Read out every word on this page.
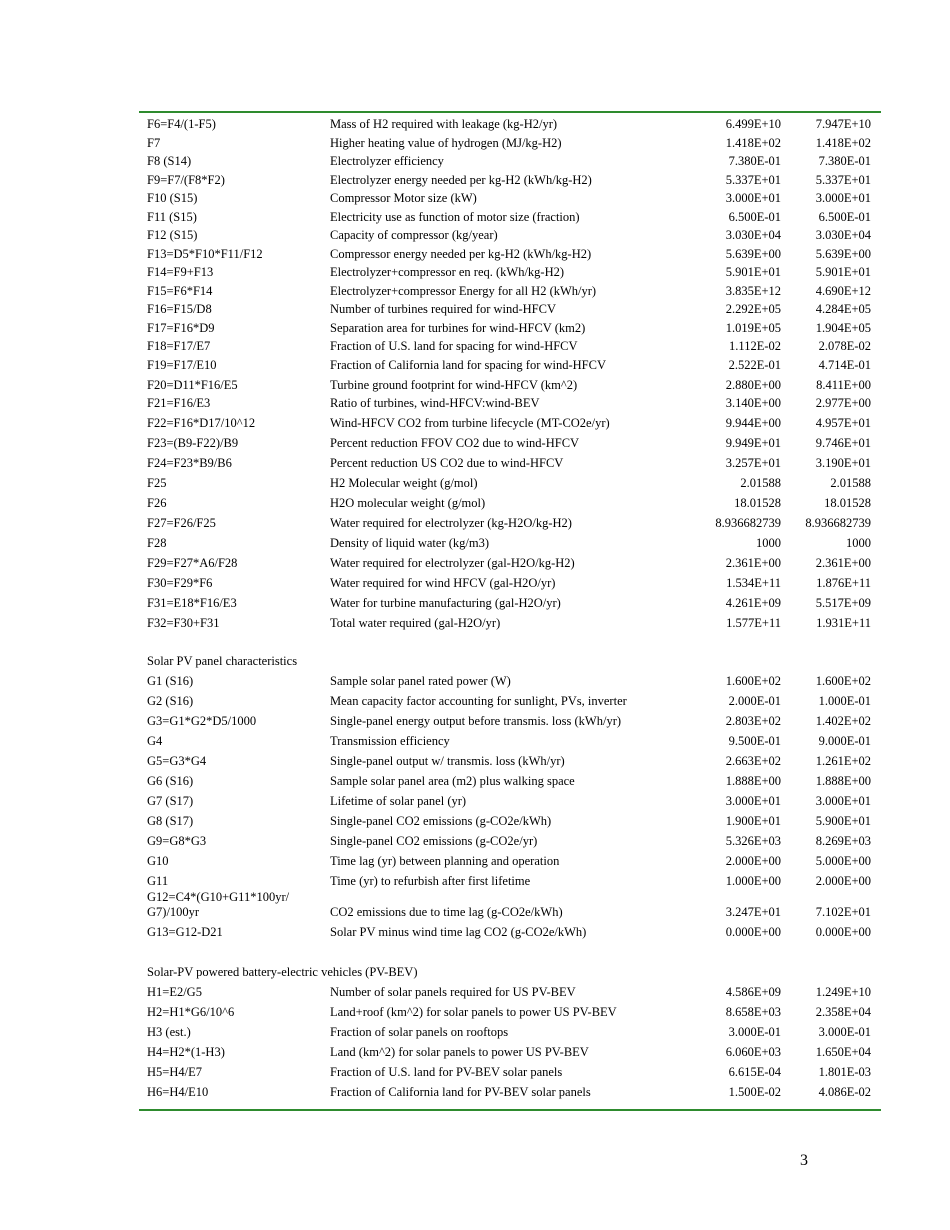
F6=F4/(1-F5)	Mass of H2 required with leakage (kg-H2/yr)	6.499E+10	7.947E+10
F7	Higher heating value of hydrogen (MJ/kg-H2)	1.418E+02	1.418E+02
F8 (S14)	Electrolyzer efficiency	7.380E-01	7.380E-01
F9=F7/(F8*F2)	Electrolyzer energy needed per kg-H2 (kWh/kg-H2)	5.337E+01	5.337E+01
F10 (S15)	Compressor Motor size (kW)	3.000E+01	3.000E+01
F11 (S15)	Electricity use as function of motor size (fraction)	6.500E-01	6.500E-01
F12 (S15)	Capacity of compressor (kg/year)	3.030E+04	3.030E+04
F13=D5*F10*F11/F12	Compressor energy needed per kg-H2 (kWh/kg-H2)	5.639E+00	5.639E+00
F14=F9+F13	Electrolyzer+compressor en req. (kWh/kg-H2)	5.901E+01	5.901E+01
F15=F6*F14	Electrolyzer+compressor Energy for all H2 (kWh/yr)	3.835E+12	4.690E+12
F16=F15/D8	Number of turbines required for wind-HFCV	2.292E+05	4.284E+05
F17=F16*D9	Separation area for turbines for wind-HFCV (km2)	1.019E+05	1.904E+05
F18=F17/E7	Fraction of U.S. land for spacing for wind-HFCV	1.112E-02	2.078E-02
F19=F17/E10	Fraction of California land for spacing for wind-HFCV	2.522E-01	4.714E-01
F20=D11*F16/E5	Turbine ground footprint for wind-HFCV (km^2)	2.880E+00	8.411E+00
F21=F16/E3	Ratio of turbines, wind-HFCV:wind-BEV	3.140E+00	2.977E+00
F22=F16*D17/10^12	Wind-HFCV CO2 from turbine lifecycle (MT-CO2e/yr)	9.944E+00	4.957E+01
F23=(B9-F22)/B9	Percent reduction FFOV CO2 due to wind-HFCV	9.949E+01	9.746E+01
F24=F23*B9/B6	Percent reduction US CO2 due to wind-HFCV	3.257E+01	3.190E+01
F25	H2 Molecular weight (g/mol)	2.01588	2.01588
F26	H2O molecular weight (g/mol)	18.01528	18.01528
F27=F26/F25	Water required for electrolyzer (kg-H2O/kg-H2)	8.936682739 8.936682739
F28	Density of liquid water (kg/m3)	1000	1000
F29=F27*A6/F28	Water required for electrolyzer (gal-H2O/kg-H2)	2.361E+00	2.361E+00
F30=F29*F6	Water required for wind HFCV (gal-H2O/yr)	1.534E+11	1.876E+11
F31=E18*F16/E3	Water for turbine manufacturing (gal-H2O/yr)	4.261E+09	5.517E+09
F32=F30+F31	Total water required (gal-H2O/yr)	1.577E+11	1.931E+11
Solar PV panel characteristics
G1 (S16)	Sample solar panel rated power (W)	1.600E+02	1.600E+02
G2 (S16)	Mean capacity factor accounting for sunlight, PVs, inverter	2.000E-01	1.000E-01
G3=G1*G2*D5/1000	Single-panel energy output before transmis. loss (kWh/yr)	2.803E+02	1.402E+02
G4	Transmission efficiency	9.500E-01	9.000E-01
G5=G3*G4	Single-panel output w/ transmis. loss (kWh/yr)	2.663E+02	1.261E+02
G6 (S16)	Sample solar panel area (m2) plus walking space	1.888E+00	1.888E+00
G7 (S17)	Lifetime of solar panel (yr)	3.000E+01	3.000E+01
G8 (S17)	Single-panel CO2 emissions (g-CO2e/kWh)	1.900E+01	5.900E+01
G9=G8*G3	Single-panel CO2 emissions (g-CO2e/yr)	5.326E+03	8.269E+03
G10	Time lag (yr) between planning and operation	2.000E+00	5.000E+00
G11	Time (yr) to refurbish after first lifetime	1.000E+00	2.000E+00
G12=C4*(G10+G11*100yr/
G7)/100yr	CO2 emissions due to time lag (g-CO2e/kWh)	3.247E+01	7.102E+01
G13=G12-D21	Solar PV minus wind time lag CO2 (g-CO2e/kWh)	0.000E+00	0.000E+00
Solar-PV powered battery-electric vehicles (PV-BEV)
H1=E2/G5	Number of solar panels required for US PV-BEV	4.586E+09	1.249E+10
H2=H1*G6/10^6	Land+roof (km^2) for solar panels to power US PV-BEV	8.658E+03	2.358E+04
H3 (est.)	Fraction of solar panels on rooftops	3.000E-01	3.000E-01
H4=H2*(1-H3)	Land (km^2) for solar panels to power US PV-BEV	6.060E+03	1.650E+04
H5=H4/E7	Fraction of U.S. land for PV-BEV solar panels	6.615E-04	1.801E-03
H6=H4/E10	Fraction of California land for PV-BEV solar panels	1.500E-02	4.086E-02
3
